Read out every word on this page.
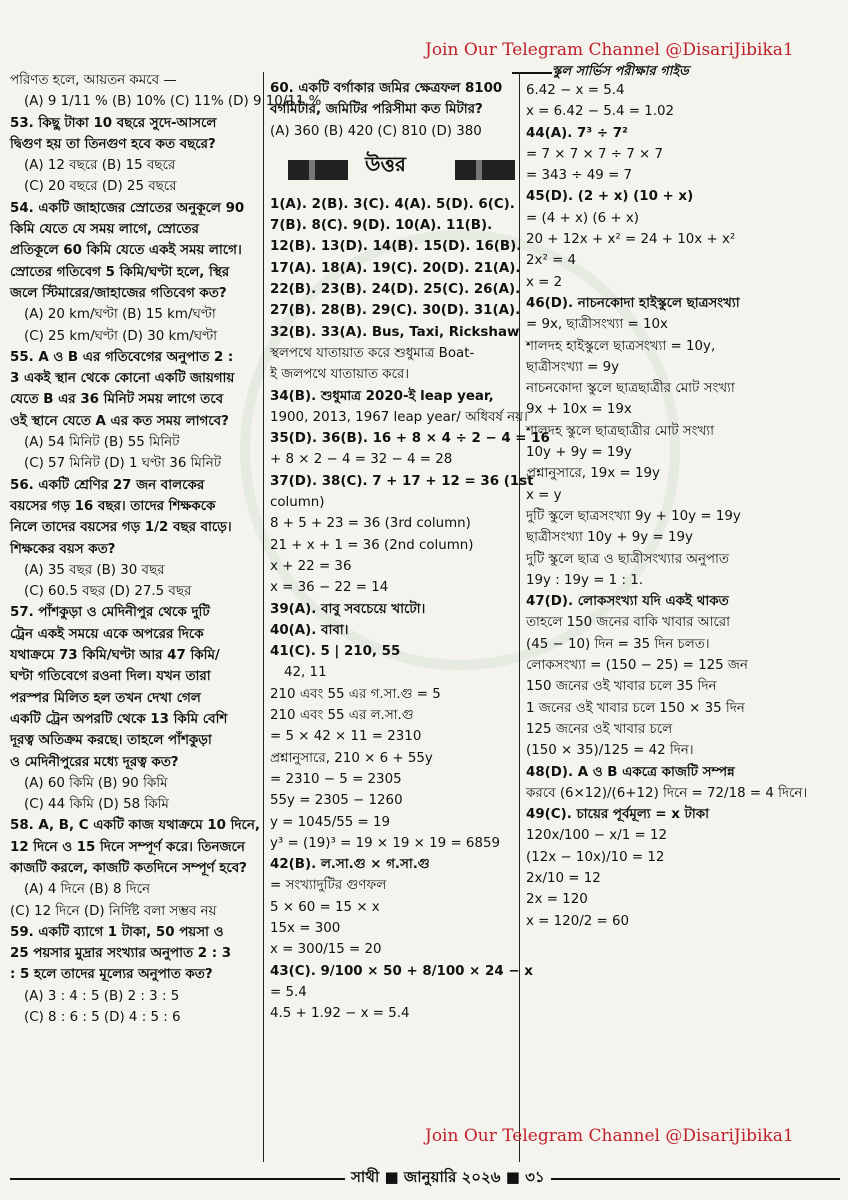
Join Our Telegram Channel @DisariJibika1
স্কুল সার্ভিস পরীক্ষার গাইড
পরিণত হলে, আয়তন কমবে —
(A) 9 1/11 % (B) 10% (C) 11% (D) 9 10/11 %
53. কিছু টাকা 10 বছরে সুদে-আসলে
দ্বিগুণ হয় তা তিনগুণ হবে কত বছরে?
(A) 12 বছরে (B) 15 বছরে
(C) 20 বছরে (D) 25 বছরে
54. একটি জাহাজের স্রোতের অনুকূলে 90
কিমি যেতে যে সময় লাগে, স্রোতের
প্রতিকূলে 60 কিমি যেতে একই সময় লাগে।
স্রোতের গতিবেগ 5 কিমি/ঘণ্টা হলে, স্থির
জলে স্টিমারের/জাহাজের গতিবেগ কত?
(A) 20 km/ঘণ্টা (B) 15 km/ঘণ্টা
(C) 25 km/ঘণ্টা (D) 30 km/ঘণ্টা
55. A ও B এর গতিবেগের অনুপাত 2 :
3 একই স্থান থেকে কোনো একটি জায়গায়
যেতে B এর 36 মিনিট সময় লাগে তবে
ওই স্থানে যেতে A এর কত সময় লাগবে?
(A) 54 মিনিট (B) 55 মিনিট
(C) 57 মিনিট (D) 1 ঘণ্টা 36 মিনিট
56. একটি শ্রেণির 27 জন বালকের
বয়সের গড় 16 বছর। তাদের শিক্ষককে
নিলে তাদের বয়সের গড় 1/2 বছর বাড়ে।
শিক্ষকের বয়স কত?
(A) 35 বছর (B) 30 বছর
(C) 60.5 বছর (D) 27.5 বছর
57. পাঁশকুড়া ও মেদিনীপুর থেকে দুটি
ট্রেন একই সময়ে একে অপরের দিকে
যথাক্রমে 73 কিমি/ঘণ্টা আর 47 কিমি/
ঘণ্টা গতিবেগে রওনা দিল। যখন তারা
পরস্পর মিলিত হল তখন দেখা গেল
একটি ট্রেন অপরটি থেকে 13 কিমি বেশি
দূরত্ব অতিক্রম করছে। তাহলে পাঁশকুড়া
ও মেদিনীপুরের মধ্যে দূরত্ব কত?
(A) 60 কিমি (B) 90 কিমি
(C) 44 কিমি (D) 58 কিমি
58. A, B, C একটি কাজ যথাক্রমে 10 দিনে,
12 দিনে ও 15 দিনে সম্পূর্ণ করে। তিনজনে
কাজটি করলে, কাজটি কতদিনে সম্পূর্ণ হবে?
(A) 4 দিনে (B) 8 দিনে
(C) 12 দিনে (D) নির্দিষ্ট বলা সম্ভব নয়
59. একটি ব্যাগে 1 টাকা, 50 পয়সা ও
25 পয়সার মুদ্রার সংখ্যার অনুপাত 2 : 3
: 5 হলে তাদের মূল্যের অনুপাত কত?
(A) 3 : 4 : 5 (B) 2 : 3 : 5
(C) 8 : 6 : 5 (D) 4 : 5 : 6
60. একটি বর্গাকার জমির ক্ষেত্রফল 8100
বর্গমিটার, জমিটির পরিসীমা কত মিটার?
(A) 360 (B) 420 (C) 810 (D) 380
উত্তর
1(A). 2(B). 3(C). 4(A). 5(D). 6(C).
7(B). 8(C). 9(D). 10(A). 11(B).
12(B). 13(D). 14(B). 15(D). 16(B).
17(A). 18(A). 19(C). 20(D). 21(A).
22(B). 23(B). 24(D). 25(C). 26(A).
27(B). 28(B). 29(C). 30(D). 31(A).
32(B). 33(A). Bus, Taxi, Rickshaw
স্থলপথে যাতায়াত করে শুধুমাত্র Boat-
ই জলপথে যাতায়াত করে।
34(B). শুধুমাত্র 2020-ই leap year,
1900, 2013, 1967 leap year/ অধিবর্ষ নয়।
35(D). 36(B). 16 + 8 × 4 ÷ 2 − 4 = 16
+ 8 × 2 − 4 = 32 − 4 = 28
37(D). 38(C). 7 + 17 + 12 = 36 (1st
column)
8 + 5 + 23 = 36 (3rd column)
21 + x + 1 = 36 (2nd column)
x + 22 = 36
x = 36 − 22 = 14
39(A). বাবু সবচেয়ে খাটো।
40(A). বাবা।
41(C). 5 | 210, 55
42, 11
210 এবং 55 এর গ.সা.গু = 5
210 এবং 55 এর ল.সা.গু
= 5 × 42 × 11 = 2310
প্রশ্নানুসারে, 210 × 6 + 55y
= 2310 − 5 = 2305
55y = 2305 − 1260
y = 1045/55 = 19
y³ = (19)³ = 19 × 19 × 19 = 6859
42(B). ল.সা.গু × গ.সা.গু
= সংখ্যাদুটির গুণফল
5 × 60 = 15 × x
15x = 300
x = 300/15 = 20
43(C). 9/100 × 50 + 8/100 × 24 − x
= 5.4
4.5 + 1.92 − x = 5.4
6.42 − x = 5.4
x = 6.42 − 5.4 = 1.02
44(A). 7³ ÷ 7²
= 7 × 7 × 7 ÷ 7 × 7
= 343 ÷ 49 = 7
45(D). (2 + x) (10 + x)
= (4 + x) (6 + x)
20 + 12x + x² = 24 + 10x + x²
2x² = 4
x = 2
46(D). নাচনকোদা হাইস্কুলে ছাত্রসংখ্যা
= 9x, ছাত্রীসংখ্যা = 10x
শালদহ হাইস্কুলে ছাত্রসংখ্যা = 10y,
ছাত্রীসংখ্যা = 9y
নাচনকোদা স্কুলে ছাত্রছাত্রীর মোট সংখ্যা
9x + 10x = 19x
শালদহ স্কুলে ছাত্রছাত্রীর মোট সংখ্যা
10y + 9y = 19y
প্রশ্নানুসারে, 19x = 19y
x = y
দুটি স্কুলে ছাত্রসংখ্যা 9y + 10y = 19y
ছাত্রীসংখ্যা 10y + 9y = 19y
দুটি স্কুলে ছাত্র ও ছাত্রীসংখ্যার অনুপাত
19y : 19y = 1 : 1.
47(D). লোকসংখ্যা যদি একই থাকত
তাহলে 150 জনের বাকি খাবার আরো
(45 − 10) দিন = 35 দিন চলত।
লোকসংখ্যা = (150 − 25) = 125 জন
150 জনের ওই খাবার চলে 35 দিন
1 জনের ওই খাবার চলে 150 × 35 দিন
125 জনের ওই খাবার চলে
(150 × 35)/125 = 42 দিন।
48(D). A ও B একত্রে কাজটি সম্পন্ন
করবে (6×12)/(6+12) দিনে = 72/18 = 4 দিনে।
49(C). চায়ের পূর্বমূল্য = x টাকা
120x/100 − x/1 = 12
(12x − 10x)/10 = 12
2x/10 = 12
2x = 120
x = 120/2 = 60
Join Our Telegram Channel @DisariJibika1
সাথী ■ জানুয়ারি ২০২৬ ■ ৩১
